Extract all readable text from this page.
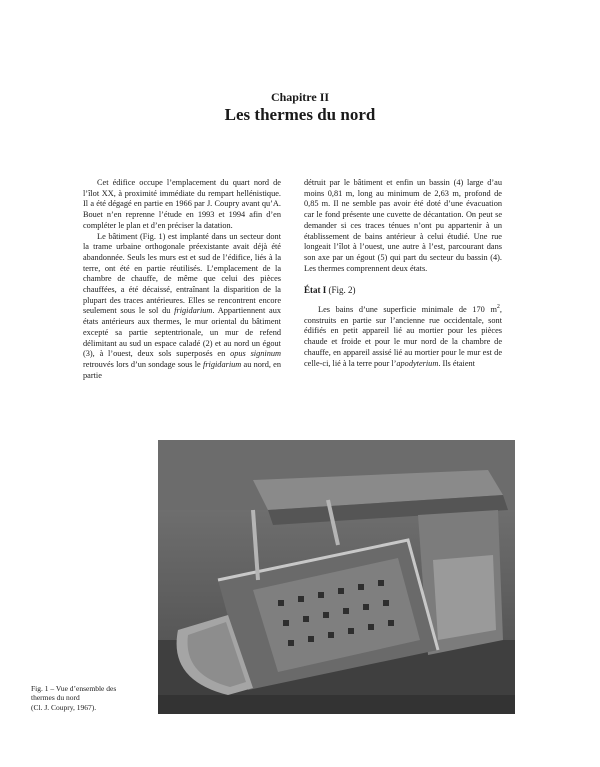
Chapitre II
Les thermes du nord

Cet édifice occupe l’emplacement du quart nord de l’îlot XX, à proximité immédiate du rempart hellénistique. Il a été dégagé en partie en 1966 par J. Coupry avant qu’A. Bouet n’en reprenne l’étude en 1993 et 1994 afin d’en compléter le plan et d’en préciser la datation.

Le bâtiment (Fig. 1) est implanté dans un secteur dont la trame urbaine orthogonale préexistante avait déjà été abandonnée. Seuls les murs est et sud de l’édifice, liés à la terre, ont été en partie réutilisés. L’emplacement de la chambre de chauffe, de même que celui des pièces chauffées, a été décaissé, entraînant la disparition de la plupart des traces antérieures. Elles se rencontrent encore seulement sous le sol du frigidarium. Appartiennent aux états antérieurs aux thermes, le mur oriental du bâtiment excepté sa partie septentrionale, un mur de refend délimitant au sud un espace caladé (2) et au nord un égout (3), à l’ouest, deux sols superposés en opus signinum retrouvés lors d’un sondage sous le frigidarium au nord, en partie

détruit par le bâtiment et enfin un bassin (4) large d’au moins 0,81 m, long au minimum de 2,63 m, profond de 0,85 m. Il ne semble pas avoir été doté d’une évacuation car le fond présente une cuvette de décantation. On peut se demander si ces traces ténues n’ont pu appartenir à un établissement de bains antérieur à celui étudié. Une rue longeait l’îlot à l’ouest, une autre à l’est, parcourant dans son axe par un égout (5) qui part du secteur du bassin (4). Les thermes comprennent deux états.

État I (Fig. 2)

Les bains d’une superficie minimale de 170 $m^2$, construits en partie sur l’ancienne rue occidentale, sont édifiés en petit appareil lié au mortier pour les pièces chaude et froide et pour le mur nord de la chambre de chauffe, en appareil assisé lié au mortier pour le mur est de celle-ci, lié à la terre pour l’apodyterium. Ils étaient

Fig. 1 – Vue d’ensemble des
thermes du nord
(Cl. J. Coupry, 1967).
